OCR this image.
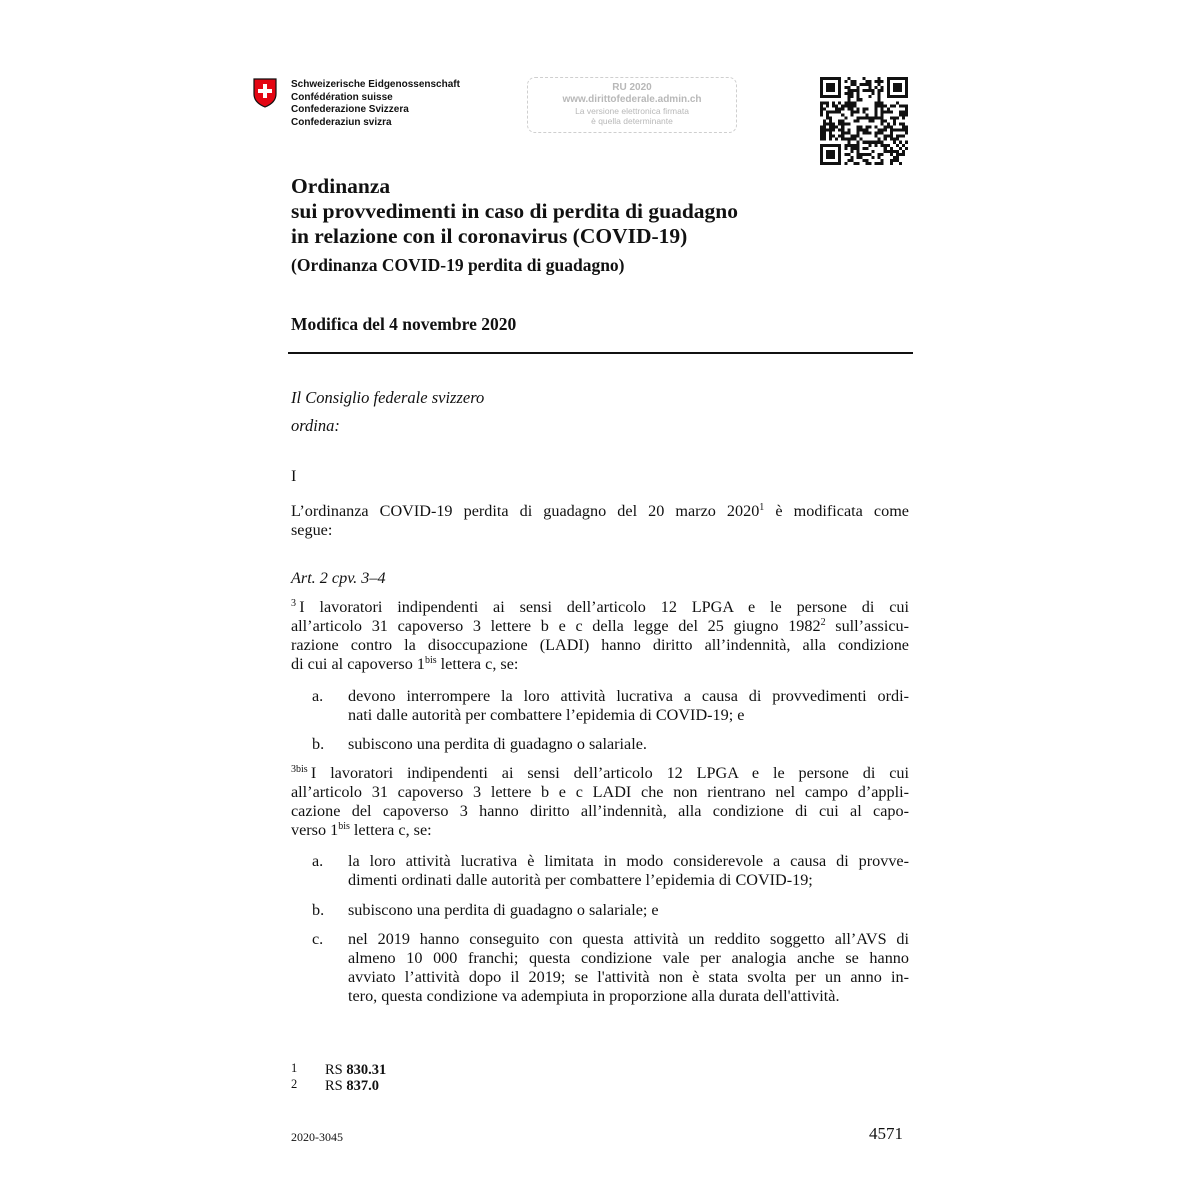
Schweizerische Eidgenossenschaft
Confédération suisse
Confederazione Svizzera
Confederaziun svizra
RU 2020
www.dirittofederale.admin.ch
La versione elettronica firmata
è quella determinante
Ordinanza
sui provvedimenti in caso di perdita di guadagno
in relazione con il coronavirus (COVID-19)
(Ordinanza COVID-19 perdita di guadagno)
Modifica del 4 novembre 2020
Il Consiglio federale svizzero
ordina:
I
L’ordinanza COVID-19 perdita di guadagno del 20 marzo 2020$^1$ è modificata come
segue:
Art. 2 cpv. 3–4
$^3$  I lavoratori indipendenti ai sensi dell’articolo 12 LPGA e le persone di cui
all’articolo 31 capoverso 3 lettere b e c della legge del 25 giugno 1982$^2$ sull’assicu-
razione contro la disoccupazione (LADI) hanno diritto all’indennità, alla condizione
di cui al capoverso $1^{bis}$ lettera c, se:
a. devono interrompere la loro attività lucrativa a causa di provvedimenti ordi-
nati dalle autorità per combattere l’epidemia di COVID-19; e
b. subiscono una perdita di guadagno o salariale.
$^{3bis}$  I lavoratori indipendenti ai sensi dell’articolo 12 LPGA e le persone di cui
all’articolo 31 capoverso 3 lettere b e c LADI che non rientrano nel campo d’appli-
cazione del capoverso 3 hanno diritto all’indennità, alla condizione di cui al capo-
verso $1^{bis}$ lettera c, se:
a. la loro attività lucrativa è limitata in modo considerevole a causa di provve-
dimenti ordinati dalle autorità per combattere l’epidemia di COVID-19;
b. subiscono una perdita di guadagno o salariale; e
c. nel 2019 hanno conseguito con questa attività un reddito soggetto all’AVS di
almeno 10 000 franchi; questa condizione vale per analogia anche se hanno
avviato l’attività dopo il 2019; se l'attività non è stata svolta per un anno in-
tero, questa condizione va adempiuta in proporzione alla durata dell'attività.
1 RS 830.31
2 RS 837.0
2020-3045	4571
